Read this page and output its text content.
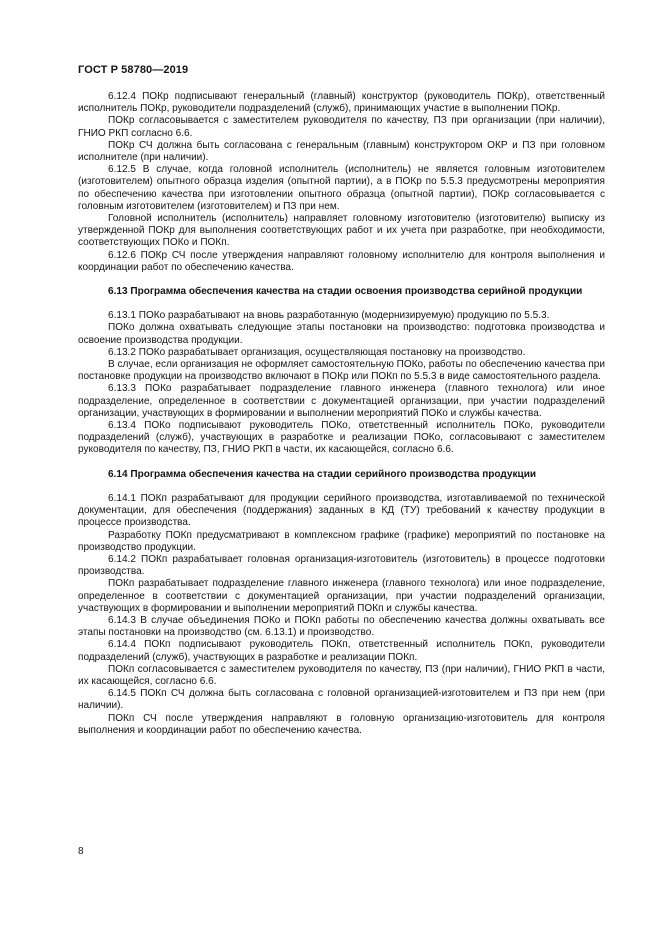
ГОСТ Р 58780—2019

6.12.4 ПОКр подписывают генеральный (главный) конструктор (руководитель ПОКр), ответственный исполнитель ПОКр, руководители подразделений (служб), принимающих участие в выполнении ПОКр.

ПОКр согласовывается с заместителем руководителя по качеству, ПЗ при организации (при наличии), ГНИО РКП согласно 6.6.

ПОКр СЧ должна быть согласована с генеральным (главным) конструктором ОКР и ПЗ при головном исполнителе (при наличии).

6.12.5 В случае, когда головной исполнитель (исполнитель) не является головным изготовителем (изготовителем) опытного образца изделия (опытной партии), а в ПОКр по 5.5.3 предусмотрены мероприятия по обеспечению качества при изготовлении опытного образца (опытной партии), ПОКр согласовывается с головным изготовителем (изготовителем) и ПЗ при нем.

Головной исполнитель (исполнитель) направляет головному изготовителю (изготовителю) выписку из утвержденной ПОКр для выполнения соответствующих работ и их учета при разработке, при необходимости, соответствующих ПОКо и ПОКп.

6.12.6 ПОКр СЧ после утверждения направляют головному исполнителю для контроля выполнения и координации работ по обеспечению качества.

6.13 Программа обеспечения качества на стадии освоения производства серийной продукции

6.13.1 ПОКо разрабатывают на вновь разработанную (модернизируемую) продукцию по 5.5.3.

ПОКо должна охватывать следующие этапы постановки на производство: подготовка производства и освоение производства продукции.

6.13.2 ПОКо разрабатывает организация, осуществляющая постановку на производство.

В случае, если организация не оформляет самостоятельную ПОКо, работы по обеспечению качества при постановке продукции на производство включают в ПОКр или ПОКп по 5.5.3 в виде самостоятельного раздела.

6.13.3 ПОКо разрабатывает подразделение главного инженера (главного технолога) или иное подразделение, определенное в соответствии с документацией организации, при участии подразделений организации, участвующих в формировании и выполнении мероприятий ПОКо и службы качества.

6.13.4 ПОКо подписывают руководитель ПОКо, ответственный исполнитель ПОКо, руководители подразделений (служб), участвующих в разработке и реализации ПОКо, согласовывают с заместителем руководителя по качеству, ПЗ, ГНИО РКП в части, их касающейся, согласно 6.6.

6.14 Программа обеспечения качества на стадии серийного производства продукции

6.14.1 ПОКп разрабатывают для продукции серийного производства, изготавливаемой по технической документации, для обеспечения (поддержания) заданных в КД (ТУ) требований к качеству продукции в процессе производства.

Разработку ПОКп предусматривают в комплексном графике (графике) мероприятий по постановке на производство продукции.

6.14.2 ПОКп разрабатывает головная организация-изготовитель (изготовитель) в процессе подготовки производства.

ПОКп разрабатывает подразделение главного инженера (главного технолога) или иное подразделение, определенное в соответствии с документацией организации, при участии подразделений организации, участвующих в формировании и выполнении мероприятий ПОКп и службы качества.

6.14.3 В случае объединения ПОКо и ПОКп работы по обеспечению качества должны охватывать все этапы постановки на производство (см. 6.13.1) и производство.

6.14.4 ПОКп подписывают руководитель ПОКп, ответственный исполнитель ПОКп, руководители подразделений (служб), участвующих в разработке и реализации ПОКп.

ПОКп согласовывается с заместителем руководителя по качеству, ПЗ (при наличии), ГНИО РКП в части, их касающейся, согласно 6.6.

6.14.5 ПОКп СЧ должна быть согласована с головной организацией-изготовителем и ПЗ при нем (при наличии).

ПОКп СЧ после утверждения направляют в головную организацию-изготовитель для контроля выполнения и координации работ по обеспечению качества.

8
